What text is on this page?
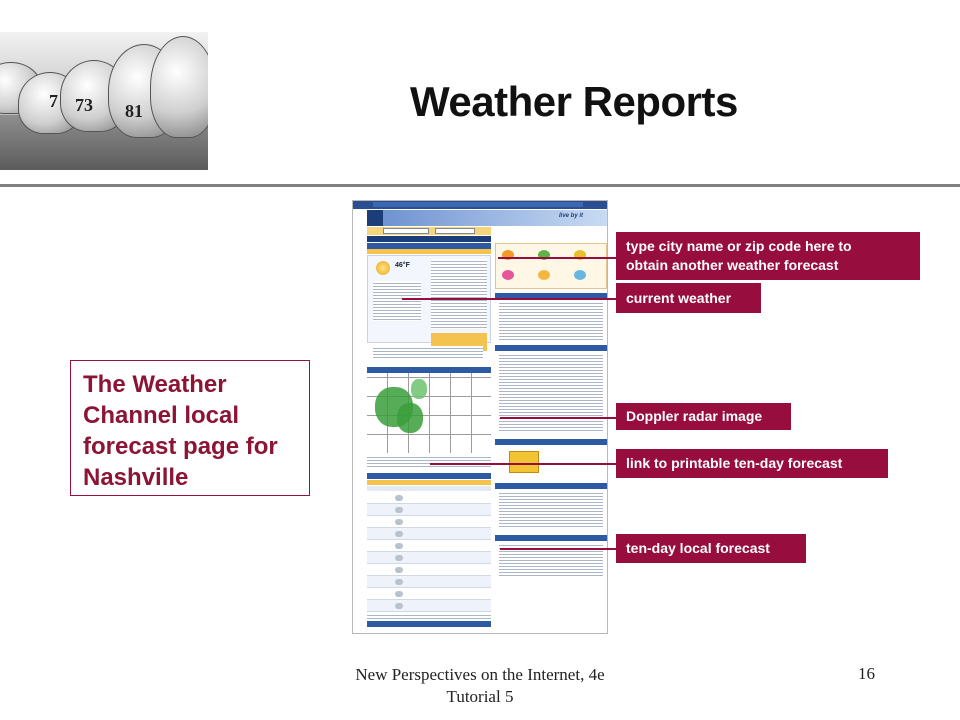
7 73 81	Weather Reports
The Weather
Channel local
forecast page for
Nashville
live by it
46°F
type city name or zip code here to
obtain another weather forecast
current weather
Doppler radar image
link to printable ten-day forecast
ten-day local forecast
New Perspectives on the Internet, 4e
Tutorial 5
16
